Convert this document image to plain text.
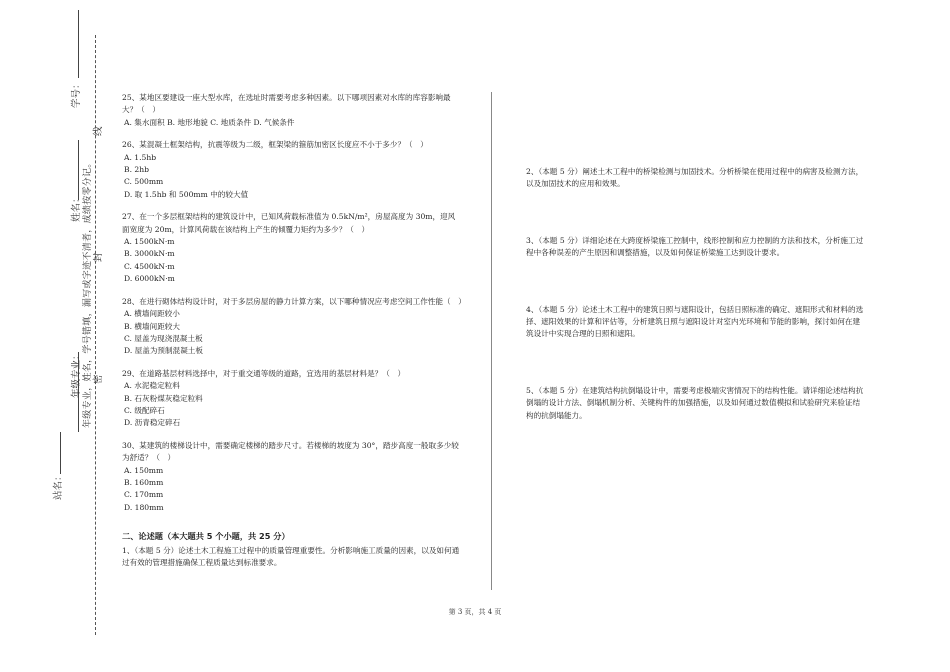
学号：
年级专业，姓名，学号错填，漏写或字迹不清者，成绩按零分记。
线
姓名：
封
年级专业：	密
站名：

25、某地区要建设一座大型水库，在选址时需要考虑多种因素。以下哪项因素对水库的库容影响最大？（　）

A. 集水面积 B. 地形地貌 C. 地质条件 D. 气候条件

26、某混凝土框架结构，抗震等级为二级，框架梁的箍筋加密区长度应不小于多少？（　）

A. 1.5hb

B. 2hb

C. 500mm

D. 取 1.5hb 和 500mm 中的较大值

27、在一个多层框架结构的建筑设计中，已知风荷载标准值为 0.5kN/m²，房屋高度为 30m，迎风面宽度为 20m，计算风荷载在该结构上产生的倾覆力矩约为多少？（　）

A. 1500kN·m

B. 3000kN·m

C. 4500kN·m

D. 6000kN·m

28、在进行砌体结构设计时，对于多层房屋的静力计算方案，以下哪种情况应考虑空间工作性能（　）

A. 横墙间距较小

B. 横墙间距较大

C. 屋盖为现浇混凝土板

D. 屋盖为预制混凝土板

29、在道路基层材料选择中，对于重交通等级的道路，宜选用的基层材料是？（　）

A. 水泥稳定粒料

B. 石灰粉煤灰稳定粒料

C. 级配碎石

D. 沥青稳定碎石

30、某建筑的楼梯设计中，需要确定楼梯的踏步尺寸。若楼梯的坡度为 30°，踏步高度一般取多少较为舒适？（　）

A. 150mm

B. 160mm

C. 170mm

D. 180mm

二、论述题（本大题共 5 个小题，共 25 分）

1、（本题 5 分）论述土木工程施工过程中的质量管理重要性。分析影响施工质量的因素，以及如何通过有效的管理措施确保工程质量达到标准要求。

2、（本题 5 分）阐述土木工程中的桥梁检测与加固技术。分析桥梁在使用过程中的病害及检测方法，以及加固技术的应用和效果。

3、（本题 5 分）详细论述在大跨度桥梁施工控制中，线形控制和应力控制的方法和技术，分析施工过程中各种误差的产生原因和调整措施，以及如何保证桥梁施工达到设计要求。

4、（本题 5 分）论述土木工程中的建筑日照与遮阳设计，包括日照标准的确定、遮阳形式和材料的选择、遮阳效果的计算和评估等，分析建筑日照与遮阳设计对室内光环境和节能的影响，探讨如何在建筑设计中实现合理的日照和遮阳。

5、（本题 5 分）在建筑结构抗倒塌设计中，需要考虑极端灾害情况下的结构性能。请详细论述结构抗倒塌的设计方法、倒塌机制分析、关键构件的加强措施，以及如何通过数值模拟和试验研究来验证结构的抗倒塌能力。

第 3 页，共 4 页
